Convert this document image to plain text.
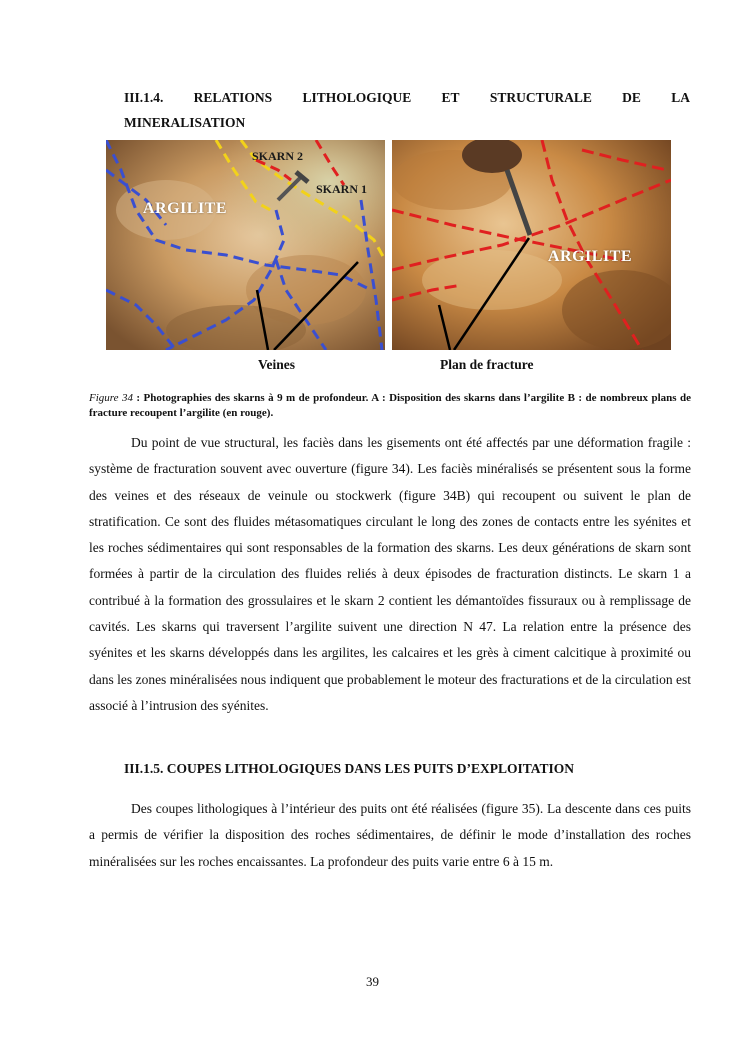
III.1.4. RELATIONS LITHOLOGIQUE ET STRUCTURALE DE LA
MINERALISATION
SKARN 2
SKARN 1
ARGILITE
ARGILITE
Veines	Plan de fracture
Figure 34 : Photographies des skarns à 9 m de profondeur. A : Disposition des skarns dans l’argilite B : de nombreux plans de fracture recoupent l’argilite (en rouge).

Du point de vue structural, les faciès dans les gisements ont été affectés par une déformation fragile : système de fracturation souvent avec ouverture (figure 34). Les faciès minéralisés se présentent sous la forme des veines et des réseaux de veinule ou stockwerk (figure 34B) qui recoupent ou suivent le plan de stratification. Ce sont des fluides métasomatiques circulant le long des zones de contacts entre les syénites et les roches sédimentaires qui sont responsables de la formation des skarns. Les deux générations de skarn sont formées à partir de la circulation des fluides reliés à deux épisodes de fracturation distincts. Le skarn 1 a contribué à la formation des grossulaires et le skarn 2 contient les démantoïdes fissuraux ou à remplissage de cavités. Les skarns qui traversent l’argilite suivent une direction N 47. La relation entre la présence des syénites et les skarns développés dans les argilites, les calcaires et les grès à ciment calcitique à proximité ou dans les zones minéralisées nous indiquent que probablement le moteur des fracturations et de la circulation est associé à l’intrusion des syénites.

III.1.5. COUPES LITHOLOGIQUES DANS LES PUITS D’EXPLOITATION

Des coupes lithologiques à l’intérieur des puits ont été réalisées (figure 35). La descente dans ces puits a permis de vérifier la disposition des roches sédimentaires, de définir le mode d’installation des roches minéralisées sur les roches encaissantes. La profondeur des puits varie entre 6 à 15 m.

39
